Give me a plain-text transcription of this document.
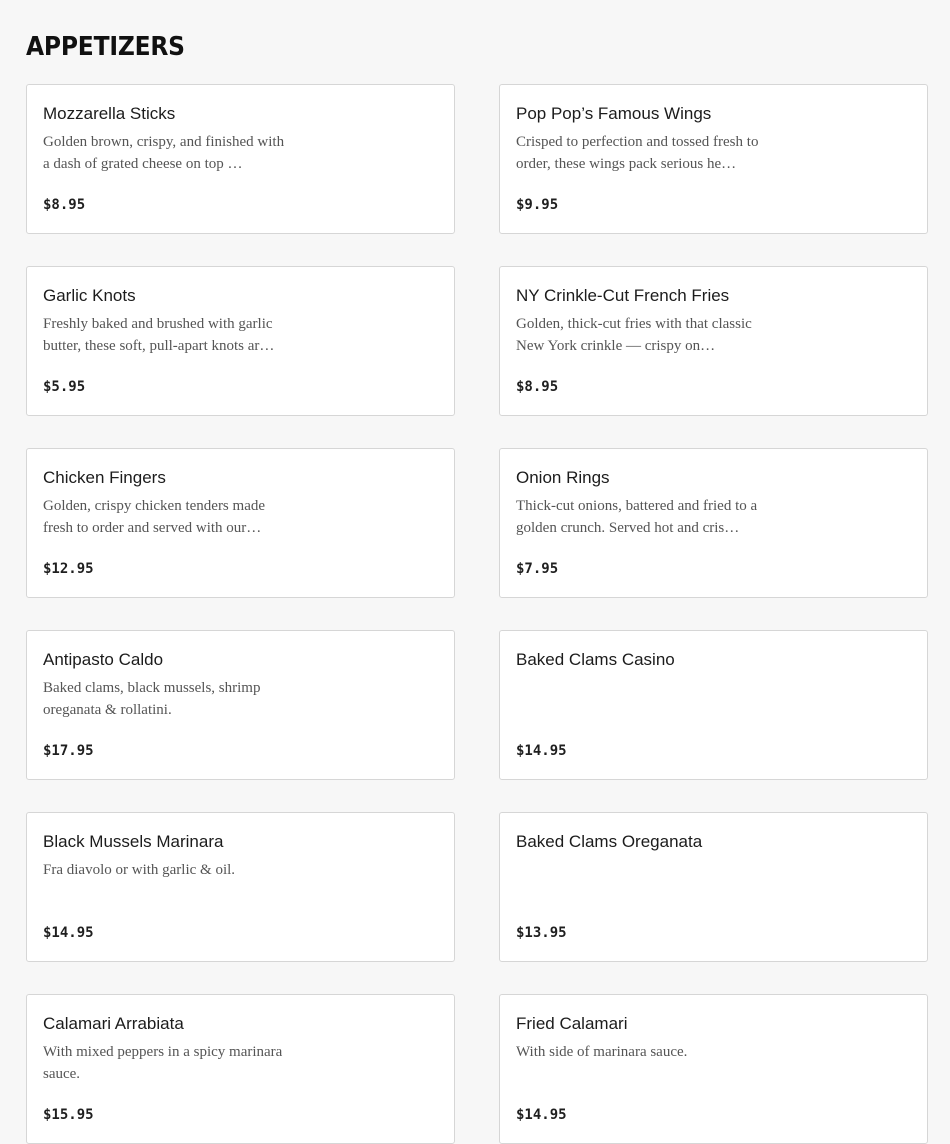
APPETIZERS
Mozzarella Sticks
Golden brown, crispy, and finished with a dash of grated cheese on top …
$8.95
Pop Pop’s Famous Wings
Crisped to perfection and tossed fresh to order, these wings pack serious he…
$9.95
Garlic Knots
Freshly baked and brushed with garlic butter, these soft, pull-apart knots ar…
$5.95
NY Crinkle-Cut French Fries
Golden, thick-cut fries with that classic New York crinkle — crispy on…
$8.95
Chicken Fingers
Golden, crispy chicken tenders made fresh to order and served with our…
$12.95
Onion Rings
Thick-cut onions, battered and fried to a golden crunch. Served hot and cris…
$7.95
Antipasto Caldo
Baked clams, black mussels, shrimp oreganata & rollatini.
$17.95
Baked Clams Casino
$14.95
Black Mussels Marinara
Fra diavolo or with garlic & oil.
$14.95
Baked Clams Oreganata
$13.95
Calamari Arrabiata
With mixed peppers in a spicy marinara sauce.
$15.95
Fried Calamari
With side of marinara sauce.
$14.95
